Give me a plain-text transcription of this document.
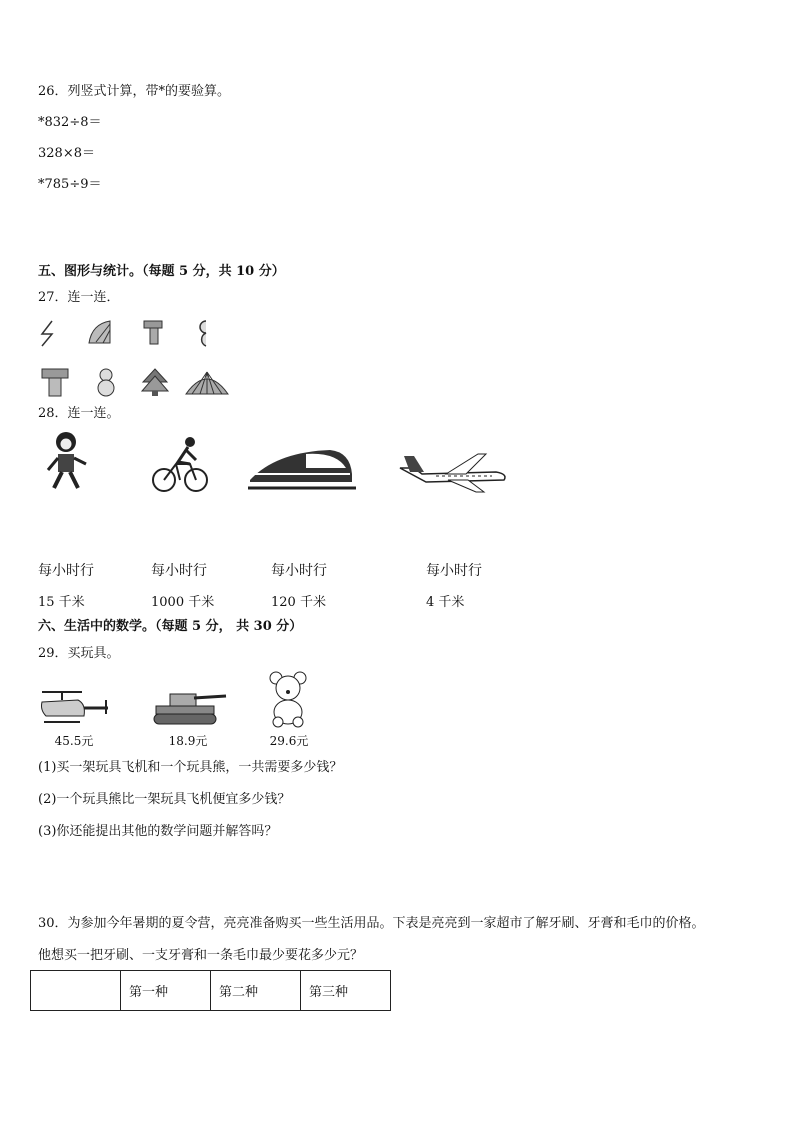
26．列竖式计算，带*的要验算。
*832÷8＝
328×8＝
*785÷9＝
五、图形与统计。（每题 5 分，共 10 分）
27．连一连．
28．连一连。
每小时行	每小时行	每小时行	每小时行
15 千米	1000 千米	120 千米	4 千米
六、生活中的数学。（每题 5 分， 共 30 分）
29．买玩具。
45.5元	18.9元	29.6元
(1)买一架玩具飞机和一个玩具熊，一共需要多少钱？
(2)一个玩具熊比一架玩具飞机便宜多少钱？
(3)你还能提出其他的数学问题并解答吗？
30．为参加今年暑期的夏令营，亮亮准备购买一些生活用品。下表是亮亮到一家超市了解牙刷、牙膏和毛巾的价格。
他想买一把牙刷、一支牙膏和一条毛巾最少要花多少元？
	第一种	第二种	第三种
